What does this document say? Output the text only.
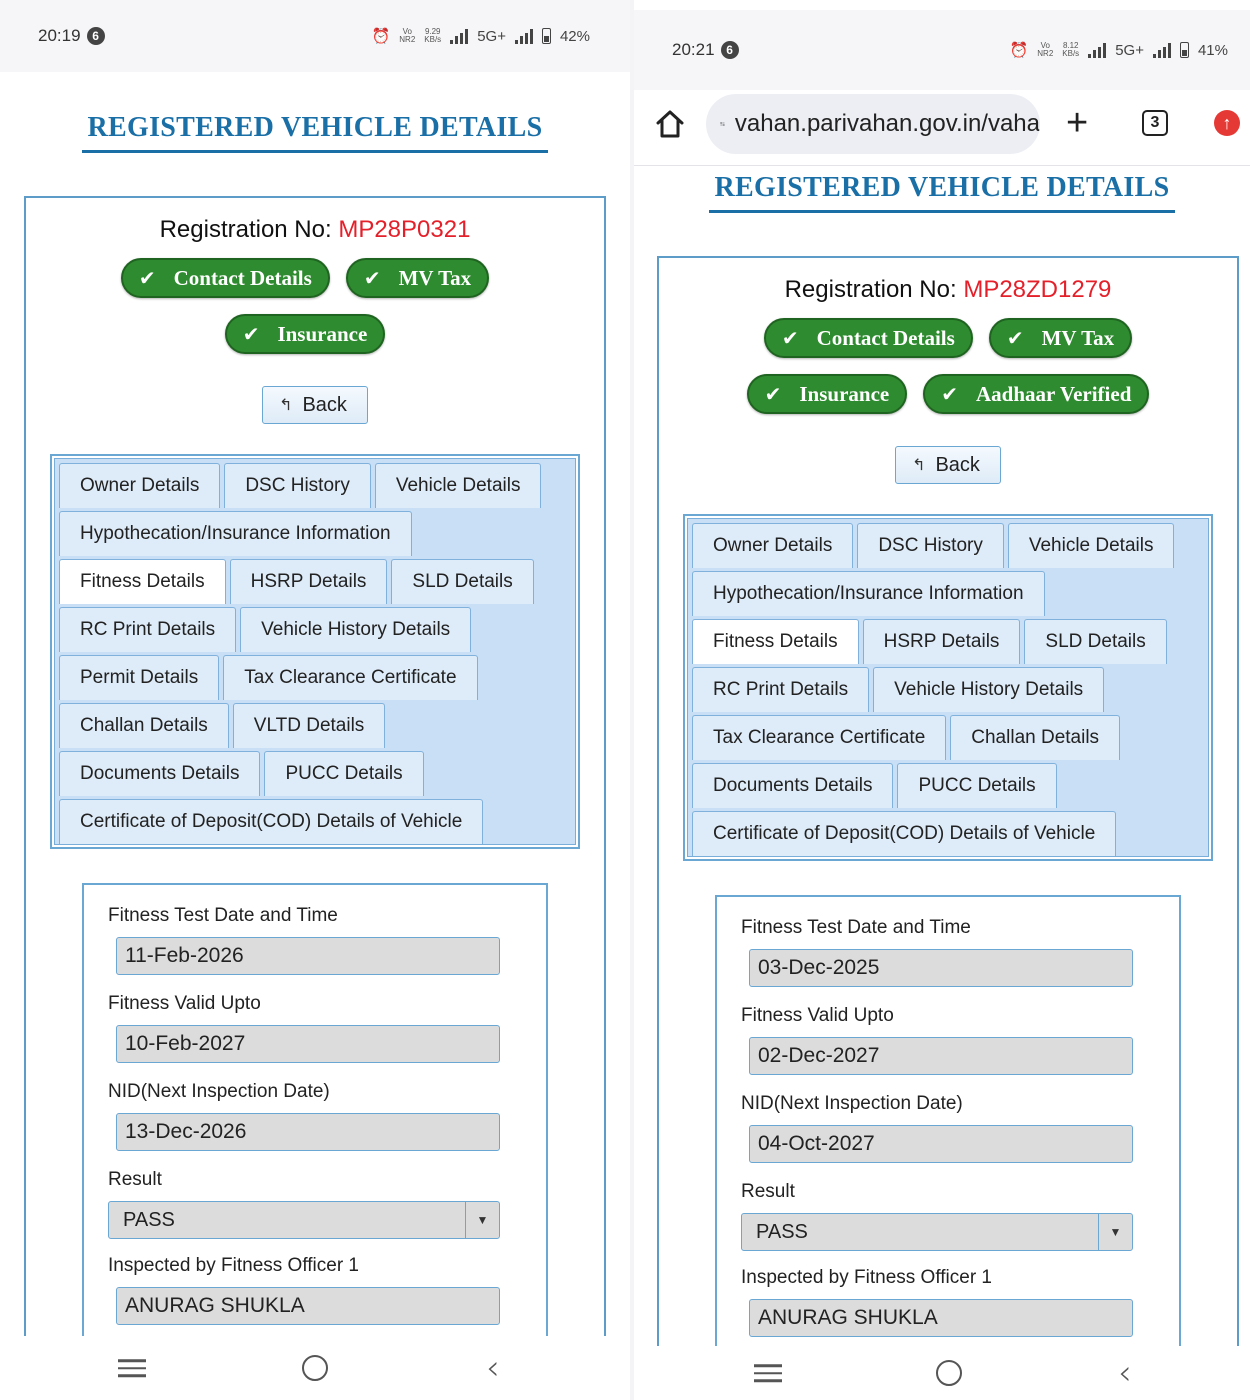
20:19 6	⏰	Vo
NR2
9.29
KB/s 5G+	42%
REGISTERED VEHICLE DETAILS
Registration No: MP28P0321
✔ Contact Details	✔ MV Tax
✔ Insurance
↰ Back
Owner Details	DSC History	Vehicle Details
Hypothecation/Insurance Information
Fitness Details	HSRP Details	SLD Details
RC Print Details	Vehicle History Details
Permit Details	Tax Clearance Certificate
Challan Details	VLTD Details
Documents Details	PUCC Details
Certificate of Deposit(COD) Details of Vehicle
Fitness Test Date and Time
11-Feb-2026
Fitness Valid Upto
10-Feb-2027
NID(Next Inspection Date)
13-Dec-2026
Result
PASS	▼
Inspected by Fitness Officer 1
ANURAG SHUKLA
‹
20:21 6	⏰	Vo
NR2
8.12
KB/s 5G+	41%
vahan.parivahan.gov.in/vaha +	3	↑
REGISTERED VEHICLE DETAILS
Registration No: MP28ZD1279
✔ Contact Details	✔ MV Tax
✔ Insurance	✔ Aadhaar Verified
↰ Back
Owner Details	DSC History	Vehicle Details
Hypothecation/Insurance Information
Fitness Details	HSRP Details	SLD Details
RC Print Details	Vehicle History Details
Tax Clearance Certificate	Challan Details
Documents Details	PUCC Details
Certificate of Deposit(COD) Details of Vehicle
Fitness Test Date and Time
03-Dec-2025
Fitness Valid Upto
02-Dec-2027
NID(Next Inspection Date)
04-Oct-2027
Result
PASS	▼
Inspected by Fitness Officer 1
ANURAG SHUKLA
‹
